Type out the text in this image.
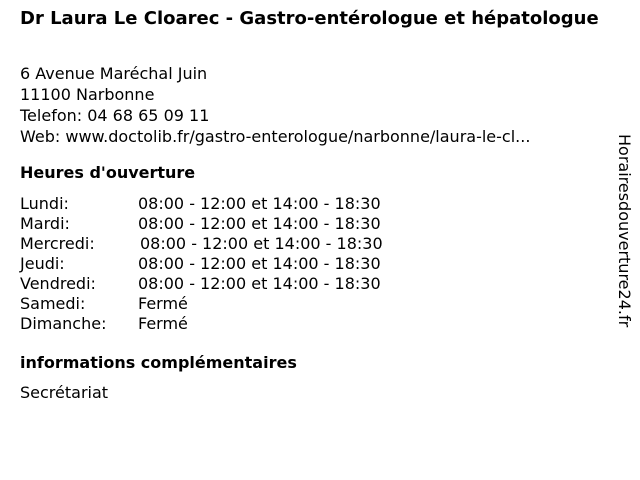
Dr Laura Le Cloarec - Gastro-entérologue et hépatologue
6 Avenue Maréchal Juin
11100 Narbonne
Telefon: 04 68 65 09 11
Web: www.doctolib.fr/gastro-enterologue/narbonne/laura-le-cl...
Heures d'ouverture
Lundi:	08:00 - 12:00 et 14:00 - 18:30
Mardi:	08:00 - 12:00 et 14:00 - 18:30
Mercredi:	08:00 - 12:00 et 14:00 - 18:30
Jeudi:	08:00 - 12:00 et 14:00 - 18:30
Vendredi:	08:00 - 12:00 et 14:00 - 18:30
Samedi:	Fermé
Dimanche: Fermé
informations complémentaires
Secrétariat
Horairesdouverture24.fr
